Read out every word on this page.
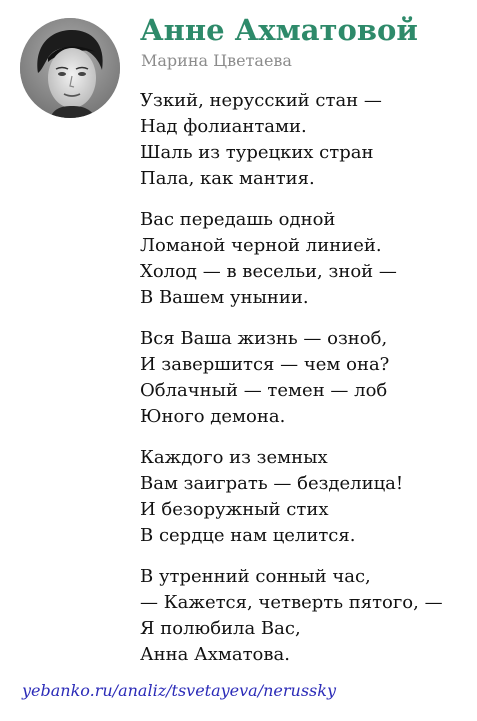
Анне Ахматовой
Марина Цветаева

Узкий, нерусский стан —
Над фолиантами.
Шаль из турецких стран
Пала, как мантия.

Вас передашь одной
Ломаной черной линией.
Холод — в весельи, зной —
В Вашем унынии.

Вся Ваша жизнь — озноб,
И завершится — чем она?
Облачный — темен — лоб
Юного демона.

Каждого из земных
Вам заиграть — безделица!
И безоружный стих
В сердце нам целится.

В утренний сонный час,
— Кажется, четверть пятого, —
Я полюбила Вас,
Анна Ахматова.

yebanko.ru/analiz/tsvetayeva/nerussky
